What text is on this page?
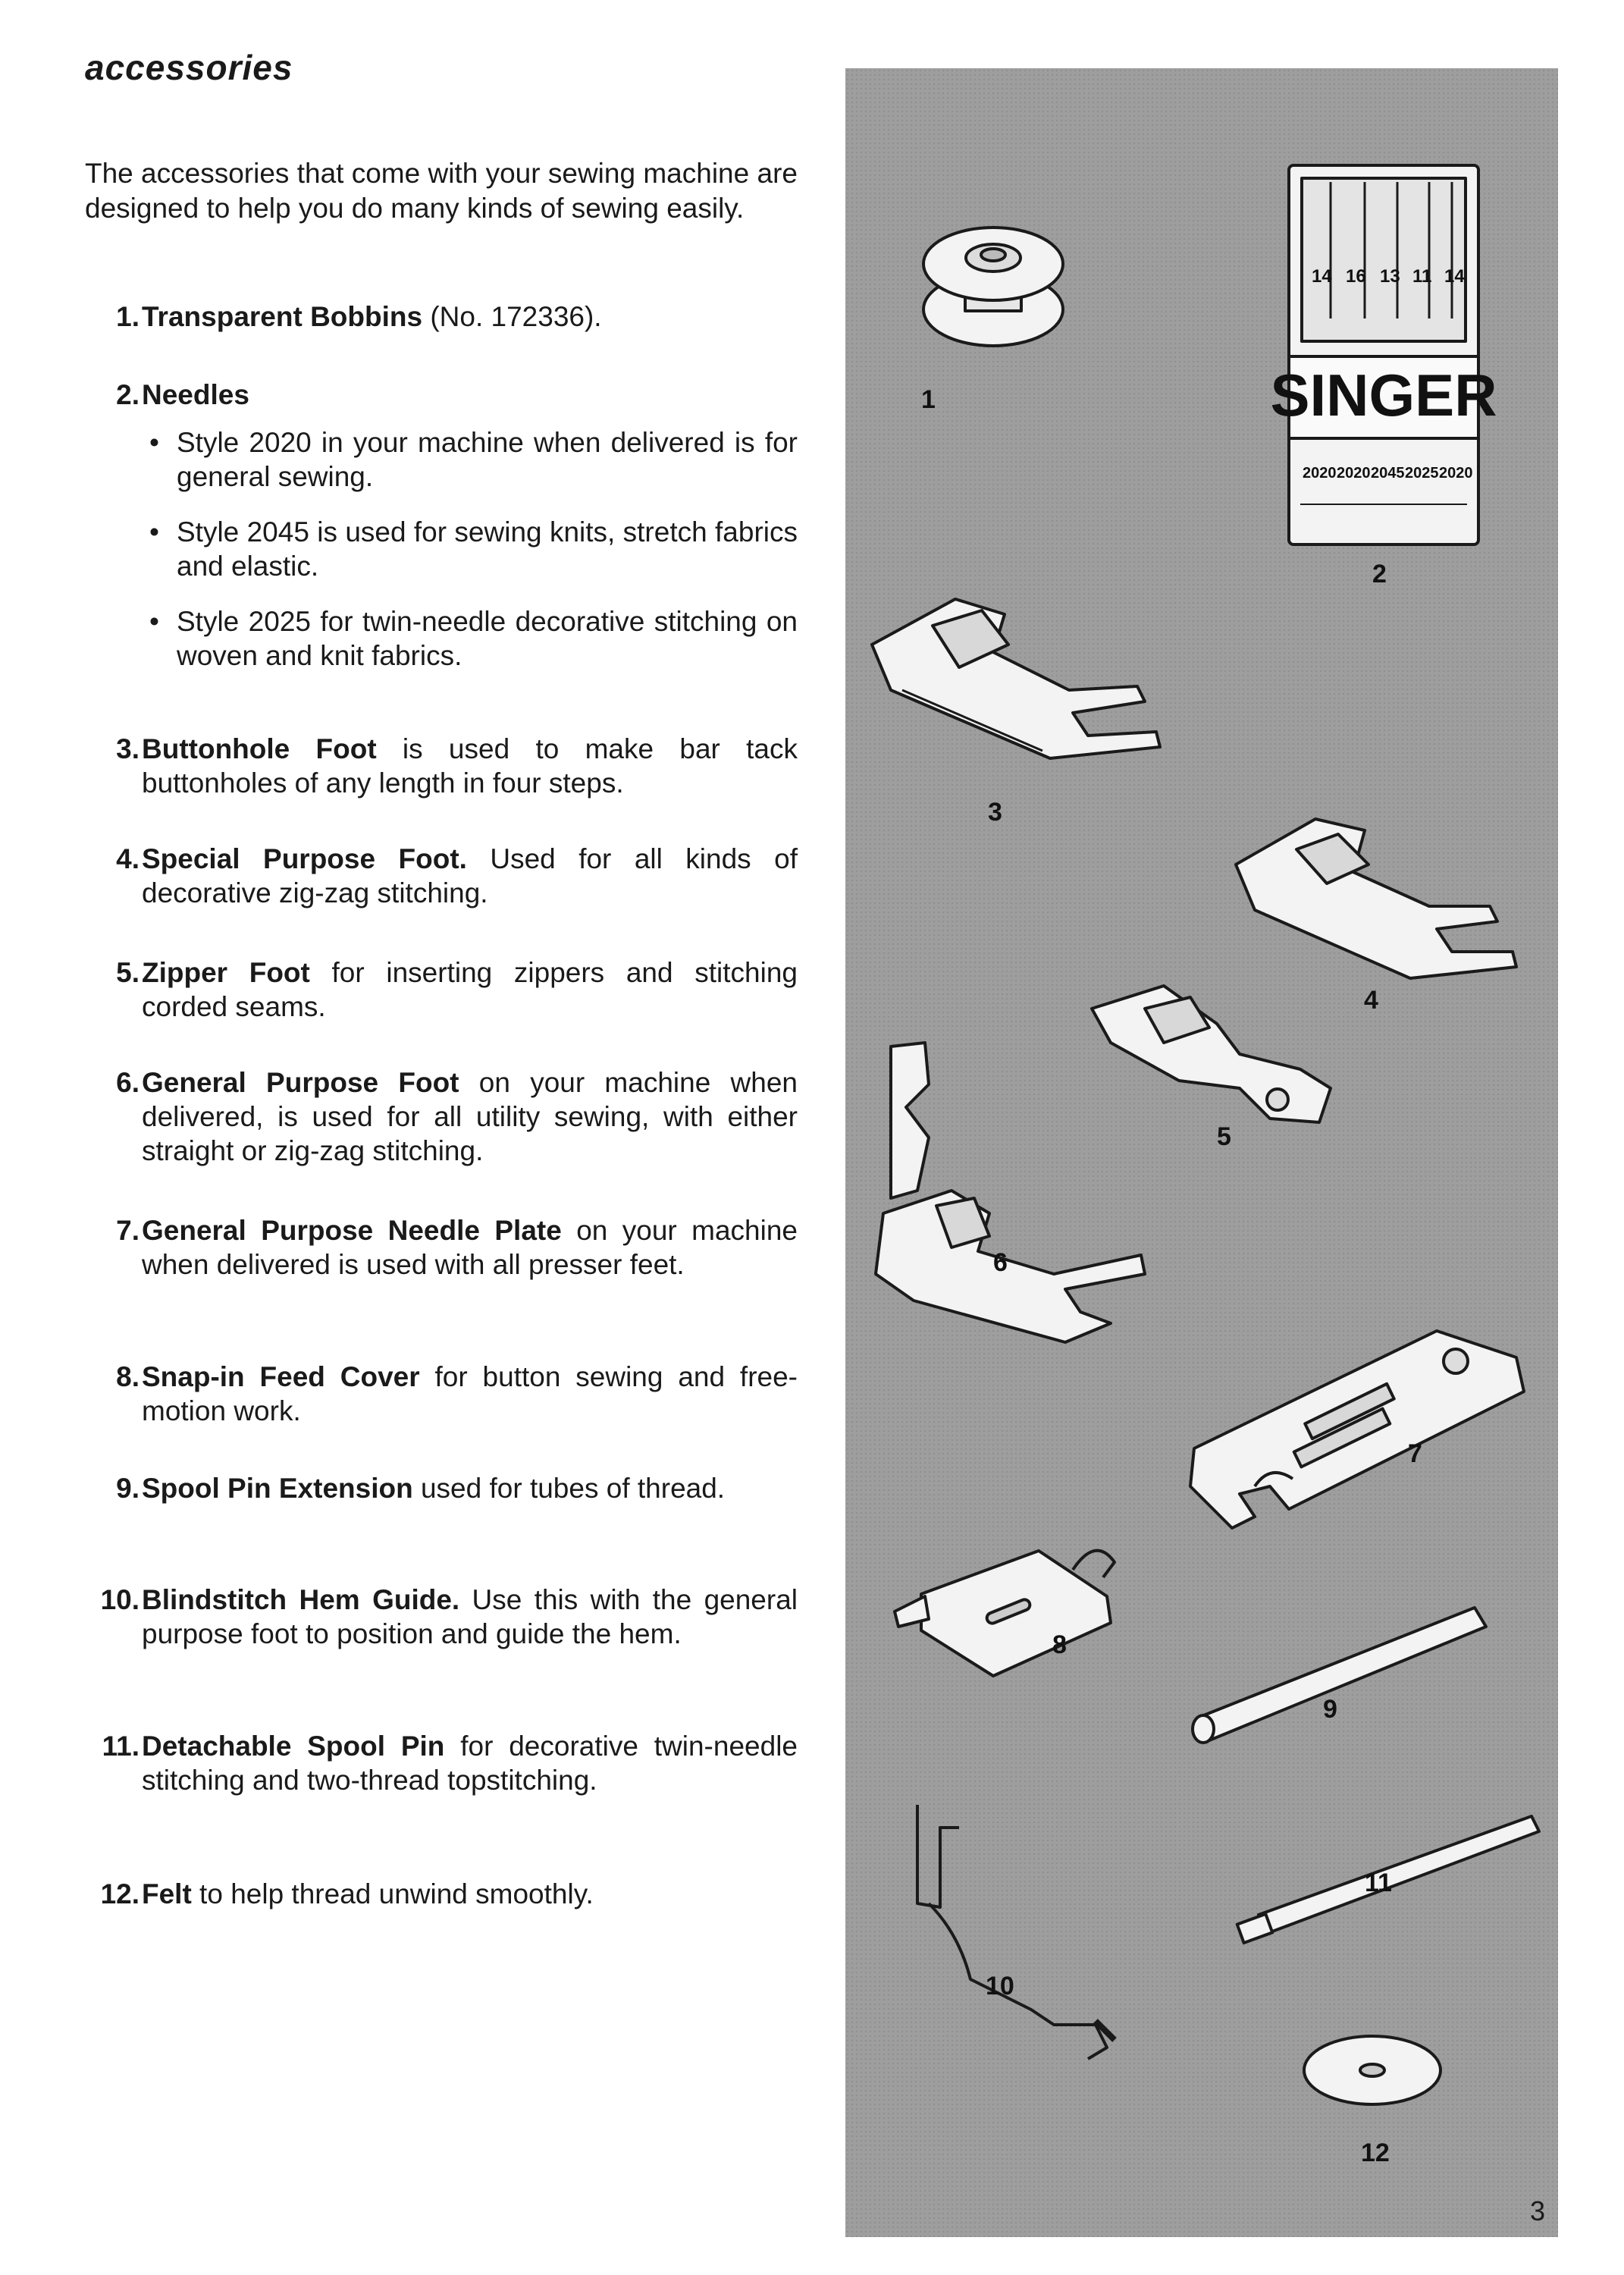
accessories
The accessories that come with your sewing machine are designed to help you do many kinds of sewing easily.
1. Transparent Bobbins (No. 172336).
2. Needles
• Style 2020 in your machine when delivered is for general sewing.
• Style 2045 is used for sewing knits, stretch fabrics and elastic.
• Style 2025 for twin-needle decorative stitching on woven and knit fabrics.
3. Buttonhole Foot is used to make bar tack buttonholes of any length in four steps.
4. Special Purpose Foot. Used for all kinds of decorative zig-zag stitching.
5. Zipper Foot for inserting zippers and stitching corded seams.
6. General Purpose Foot on your machine when delivered, is used for all utility sewing, with either straight or zig-zag stitching.
7. General Purpose Needle Plate on your machine when delivered is used with all presser feet.
8. Snap-in Feed Cover for button sewing and free-motion work.
9. Spool Pin Extension used for tubes of thread.
10. Blindstitch Hem Guide. Use this with the general purpose foot to position and guide the hem.
11. Detachable Spool Pin for decorative twin-needle stitching and two-thread topstitching.
12. Felt to help thread unwind smoothly.
SINGER
14 16 13 11 14
2020 2020 2045 2025 2020
1
2
3
4
5
6
7
8
9
10
11
12
3
